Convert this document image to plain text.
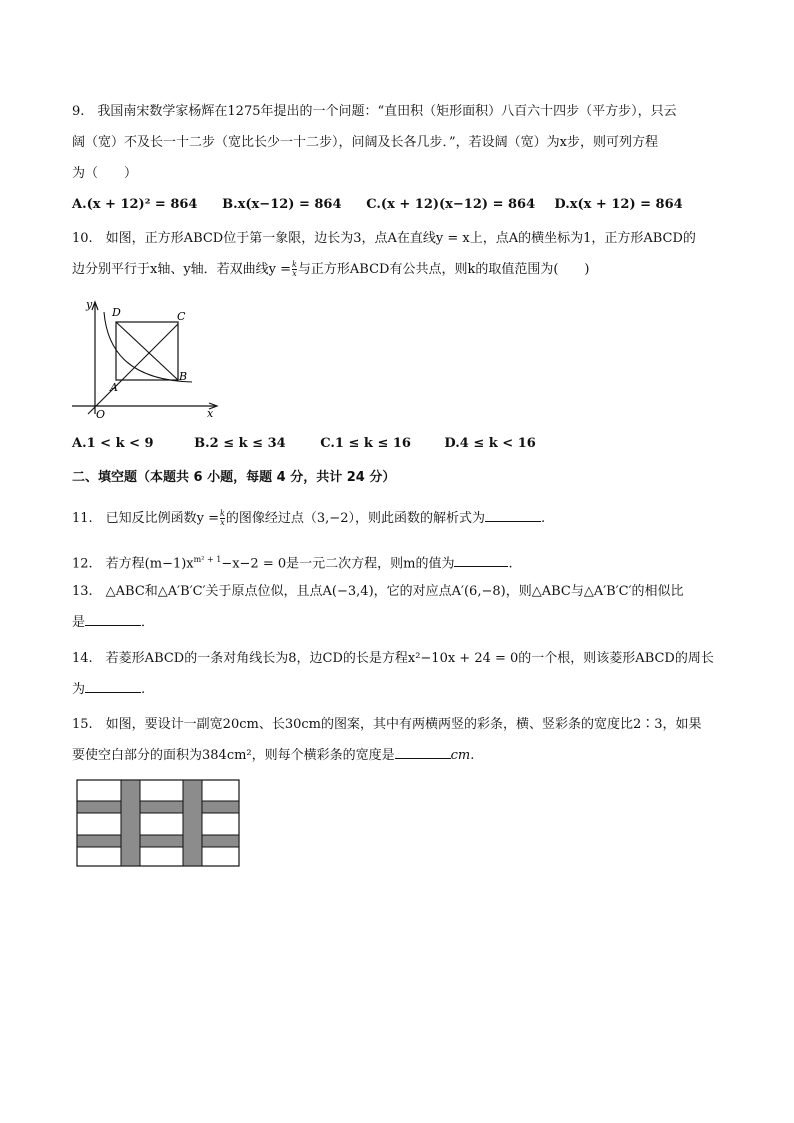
9.　我国南宋数学家杨辉在1275年提出的一个问题：“直田积（矩形面积）八百六十四步（平方步），只云
阔（宽）不及长一十二步（宽比长少一十二步），问阔及长各几步．”，若设阔（宽）为x步，则可列方程
为（　　）
A.(x + 12)² = 864 B.x(x−12) = 864 C.(x + 12)(x−12) = 864 D.x(x + 12) = 864
10.　如图，正方形ABCD位于第一象限，边长为3，点A在直线y = x上，点A的横坐标为1，正方形ABCD的
边分别平行于x轴、y轴．若双曲线$y = \frac{k}{x}$ 与正方形ABCD有公共点，则k的取值范围为(　　)
y
x
O
A
B
C
D
A.1 < k < 9	B.2 ≤ k ≤ 34	C.1 ≤ k ≤ 16	D.4 ≤ k < 16
二、填空题（本题共 6 小题，每题 4 分，共计 24 分）
11.　已知反比例函数$y = \frac{k}{x}$ 的图像经过点（3,−2），则此函数的解析式为	.
12.　若方程$(m-1)x^{m^2 + 1}-x-2 = 0$是一元二次方程，则m的值为	.
13.　△ABC和△A′B′C′关于原点位似，且点A(−3,4)，它的对应点A′(6,−8)，则△ABC与△A′B′C′的相似比
是	．
14.　若菱形ABCD的一条对角线长为8，边CD的长是方程x²−10x + 24 = 0的一个根，则该菱形ABCD的周长
为	.
15.　如图，要设计一副宽20cm、长30cm的图案，其中有两横两竖的彩条，横、竖彩条的宽度比2∶3，如果
要使空白部分的面积为384cm²，则每个横彩条的宽度是	cm.
